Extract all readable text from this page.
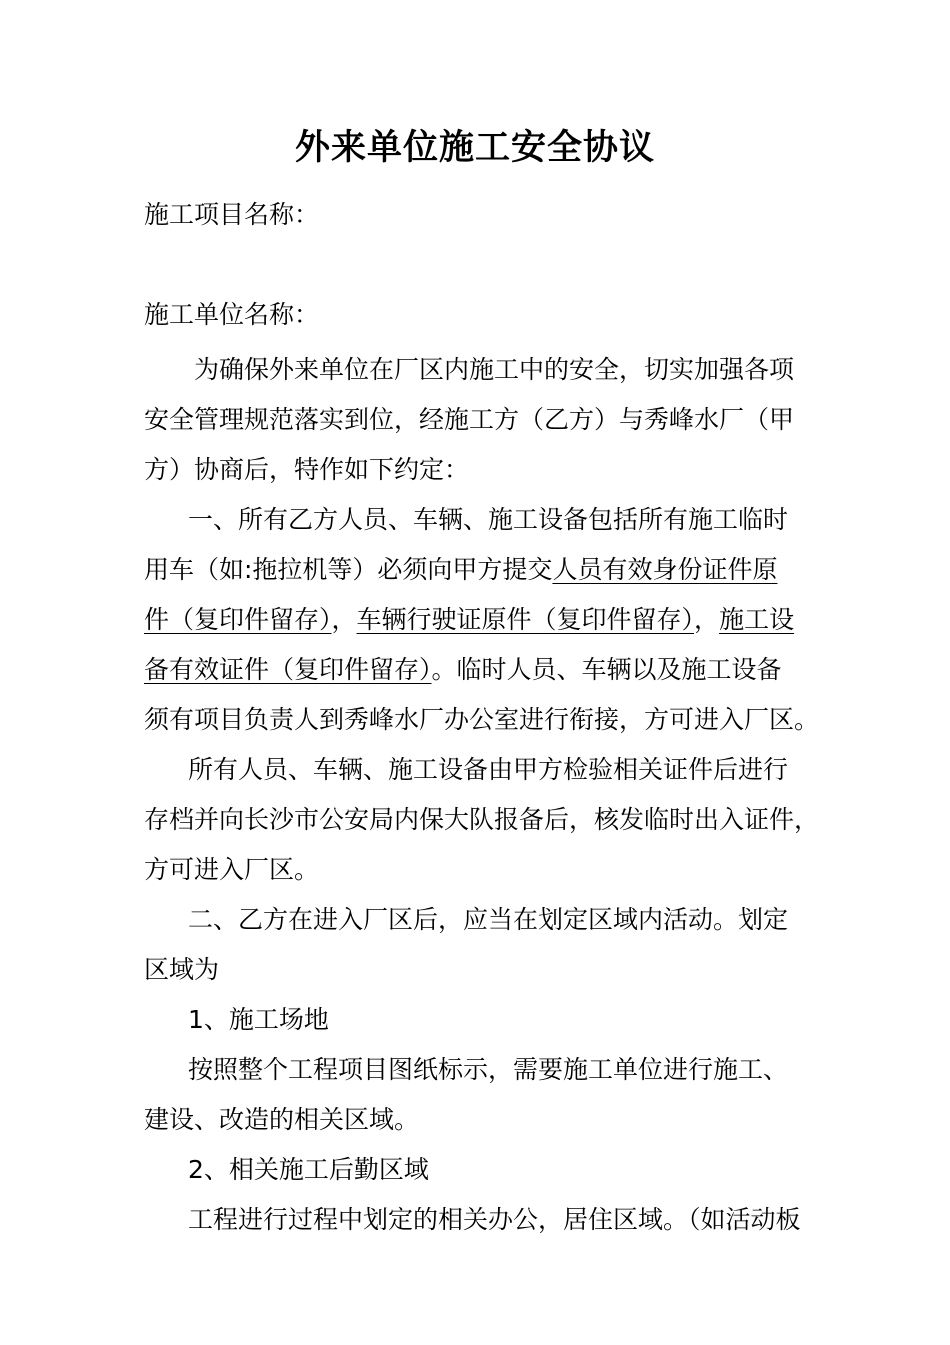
外来单位施工安全协议
施工项目名称：
施工单位名称：

为确保外来单位在厂区内施工中的安全，切实加强各项

安全管理规范落实到位，经施工方（乙方）与秀峰水厂（甲

方）协商后，特作如下约定：

一、所有乙方人员、车辆、施工设备包括所有施工临时

用车（如:拖拉机等）必须向甲方提交人员有效身份证件原

件（复印件留存），车辆行驶证原件（复印件留存），施工设

备有效证件（复印件留存）。临时人员、车辆以及施工设备

须有项目负责人到秀峰水厂办公室进行衔接，方可进入厂区。

所有人员、车辆、施工设备由甲方检验相关证件后进行

存档并向长沙市公安局内保大队报备后，核发临时出入证件，

方可进入厂区。

二、乙方在进入厂区后，应当在划定区域内活动。划定

区域为

1、施工场地

按照整个工程项目图纸标示，需要施工单位进行施工、

建设、改造的相关区域。

2、相关施工后勤区域

工程进行过程中划定的相关办公，居住区域。（如活动板
